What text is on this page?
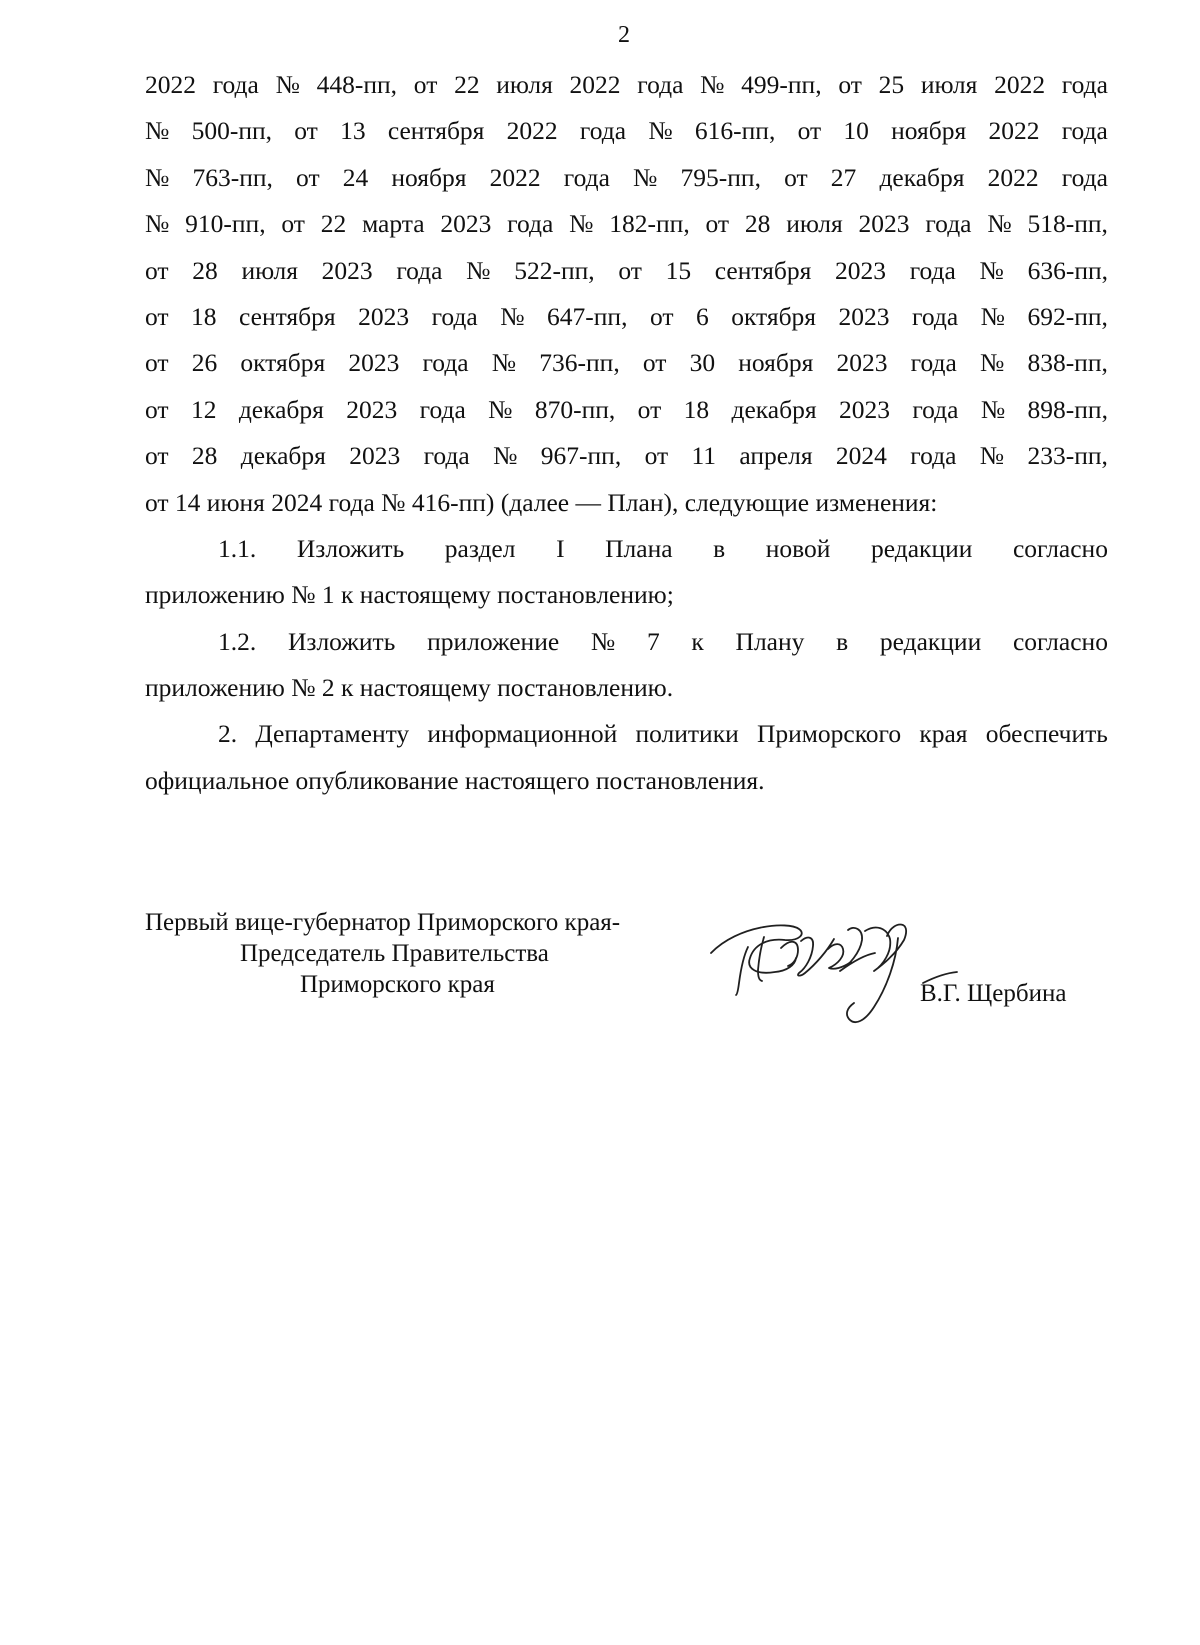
2
2022 года № 448-пп, от 22 июля 2022 года № 499-пп, от 25 июля 2022 года
№ 500-пп, от 13 сентября 2022 года № 616-пп, от 10 ноября 2022 года
№ 763-пп, от 24 ноября 2022 года № 795-пп, от 27 декабря 2022 года
№ 910-пп, от 22 марта 2023 года № 182-пп, от 28 июля 2023 года № 518-пп,
от 28 июля 2023 года № 522-пп, от 15 сентября 2023 года № 636-пп,
от 18 сентября 2023 года № 647-пп, от 6 октября 2023 года № 692-пп,
от 26 октября 2023 года № 736-пп, от 30 ноября 2023 года № 838-пп,
от 12 декабря 2023 года № 870-пп, от 18 декабря 2023 года № 898-пп,
от 28 декабря 2023 года № 967-пп, от 11 апреля 2024 года № 233-пп,
от 14 июня 2024 года № 416-пп) (далее — План), следующие изменения:
1.1. Изложить раздел I Плана в новой редакции согласно
приложению № 1 к настоящему постановлению;
1.2. Изложить приложение № 7 к Плану в редакции согласно
приложению № 2 к настоящему постановлению.
2. Департаменту информационной политики Приморского края обеспечить
официальное опубликование настоящего постановления.
Первый вице-губернатор Приморского края-
Председатель Правительства
Приморского края	В.Г. Щербина
